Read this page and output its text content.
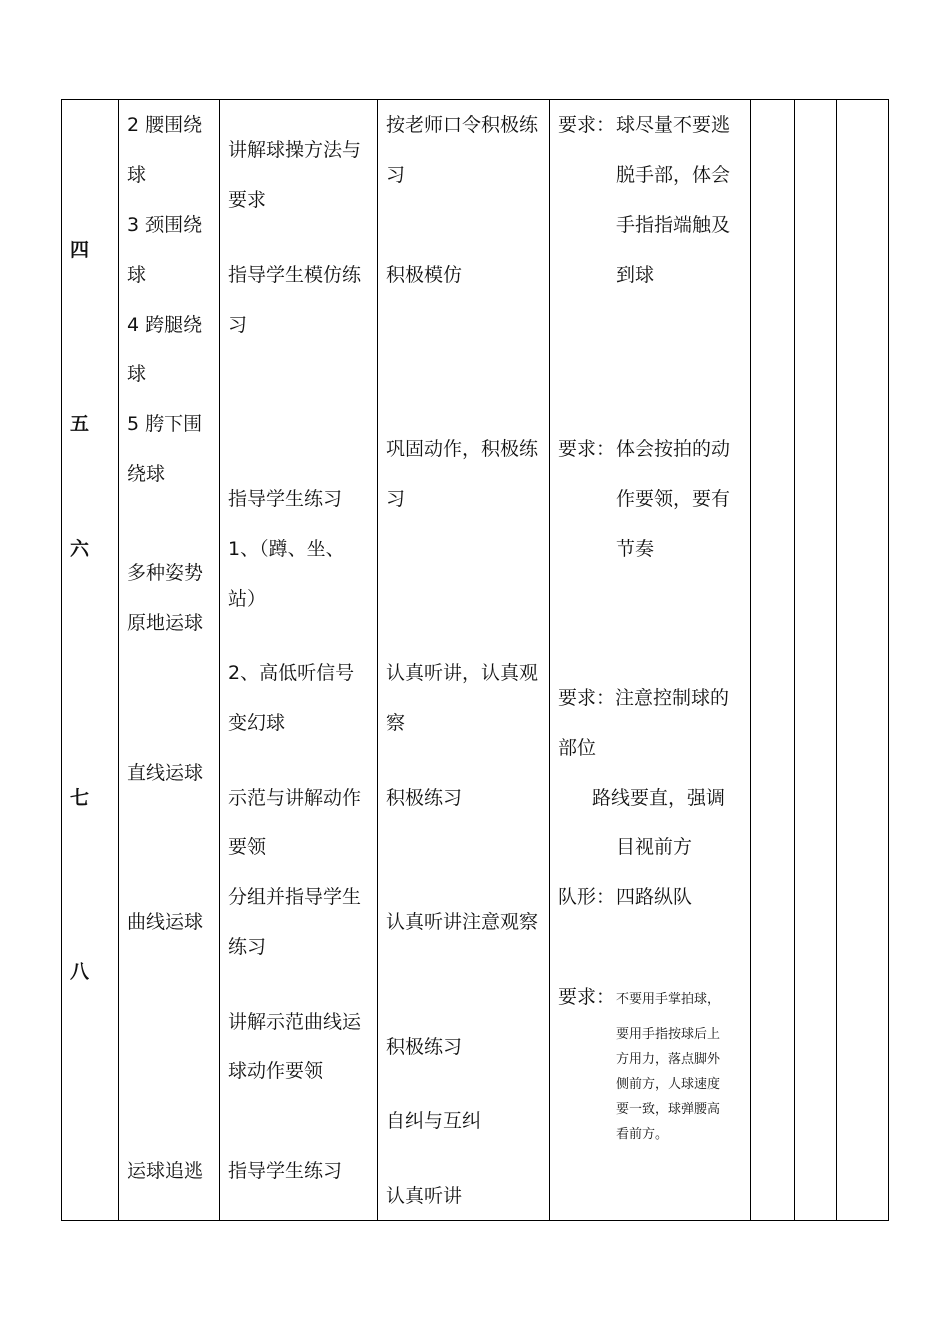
四
五
六
七
八
2 腰围绕
球
3 颈围绕
球
4 跨腿绕
球
5 胯下围
绕球
多种姿势
原地运球
直线运球
曲线运球
运球追逃
讲解球操方法与
要求
指导学生模仿练
习
指导学生练习
1、（蹲、坐、
站）
2、高低听信号
变幻球
示范与讲解动作
要领
分组并指导学生
练习
讲解示范曲线运
球动作要领
指导学生练习
按老师口令积极练
习
积极模仿
巩固动作，积极练
习
认真听讲，认真观
察
积极练习
认真听讲注意观察
积极练习
自纠与互纠
认真听讲
要求： 球尽量不要逃
脱手部，体会
手指指端触及
到球
要求： 体会按拍的动
作要领，要有
节奏
要求：注意控制球的
部位
路线要直，强调
目视前方
队形： 四路纵队
要求： 不要用手掌拍球，
要用手指按球后上
方用力，落点脚外
侧前方，人球速度
要一致，球弹腰高
看前方。
